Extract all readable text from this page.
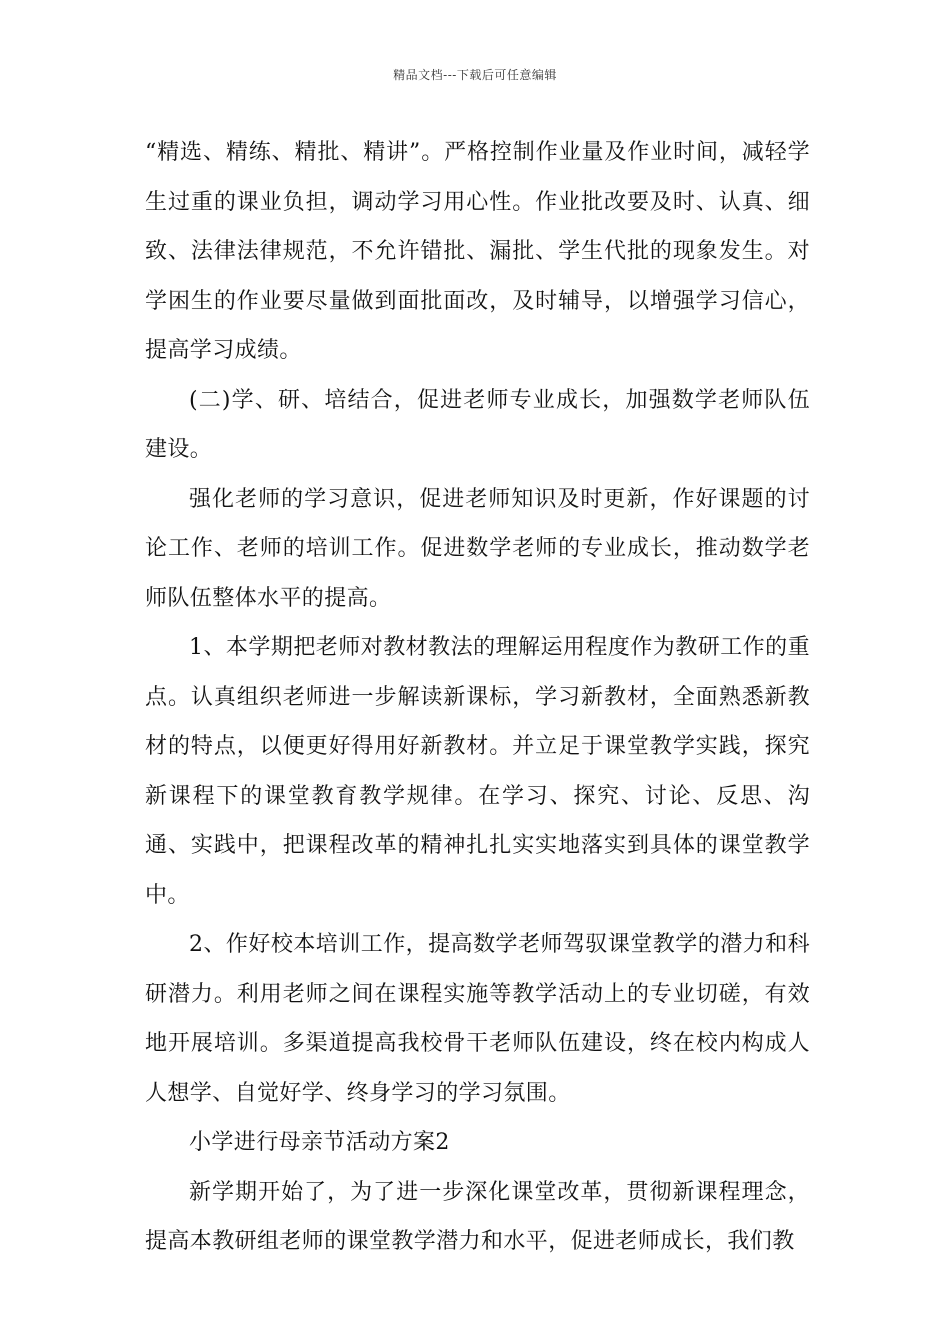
精品文档---下载后可任意编辑

“精选、精练、精批、精讲”。严格控制作业量及作业时间，减轻学生过重的课业负担，调动学习用心性。作业批改要及时、认真、细致、法律法律规范，不允许错批、漏批、学生代批的现象发生。对学困生的作业要尽量做到面批面改，及时辅导，以增强学习信心，提高学习成绩。

(二)学、研、培结合，促进老师专业成长，加强数学老师队伍建设。

强化老师的学习意识，促进老师知识及时更新，作好课题的讨论工作、老师的培训工作。促进数学老师的专业成长，推动数学老师队伍整体水平的提高。

1、本学期把老师对教材教法的理解运用程度作为教研工作的重点。认真组织老师进一步解读新课标，学习新教材，全面熟悉新教材的特点，以便更好得用好新教材。并立足于课堂教学实践，探究新课程下的课堂教育教学规律。在学习、探究、讨论、反思、沟通、实践中，把课程改革的精神扎扎实实地落实到具体的课堂教学中。

2、作好校本培训工作，提高数学老师驾驭课堂教学的潜力和科研潜力。利用老师之间在课程实施等教学活动上的专业切磋，有效地开展培训。多渠道提高我校骨干老师队伍建设，终在校内构成人人想学、自觉好学、终身学习的学习氛围。

小学进行母亲节活动方案2

新学期开始了，为了进一步深化课堂改革，贯彻新课程理念，提高本教研组老师的课堂教学潜力和水平，促进老师成长，我们教
